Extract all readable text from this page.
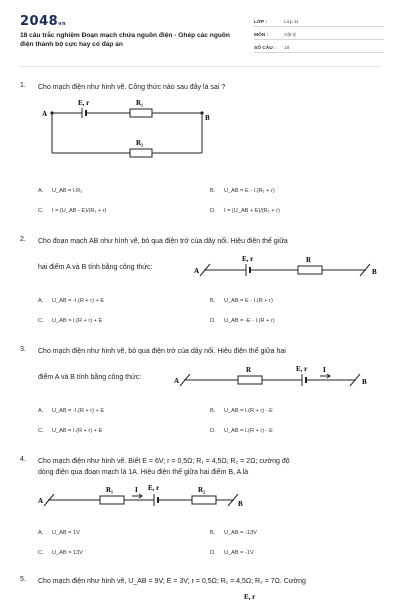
2048vn
18 câu trắc nghiệm Đoạn mạch chứa nguồn điện - Ghép các nguồn điện thành bộ cực hay có đáp án
LỚP :	Lớp 11
MÔN :	Vật lý
SỐ CÂU :	18
1.	Cho mạch điện như hình vẽ. Công thức nào sau đây là sai ?
A	B
E, r	R₁
R₂
A. U_AB = I.R₂	B. U_AB = E - I.(R₁ + r)
C. I = (U_AB - E)/(R₁ + r)	D. I = (U_AB + E)/(R₁ + r)
2.	Cho đoạn mạch AB như hình vẽ, bỏ qua điện trở của dây nối. Hiệu điện thế giữa
hai điểm A và B tính bằng công thức:	A	B
E, r	R
A. U_AB = -I.(R + r) + E	B. U_AB = E - I.(R + r)
C. U_AB = I.(R + r) + E	D. U_AB = -E - I.(R + r)
3.	Cho mạch điện như hình vẽ, bỏ qua điện trở của dây nối. Hiệu điện thế giữa hai
điểm A và B tính bằng công thức:	A	B
R	E, r I
A. U_AB = -I.(R + r) + E	B. U_AB = I.(R + r) - E
C. U_AB = I.(R + r) + E	D. U_AB = I.(R + r) - E
4.	Cho mạch điện như hình vẽ. Biết E = 6V; r = 0,5Ω; R₁ = 4,5Ω; R₂ = 2Ω; cường độ
dòng điện qua đoạn mạch là 1A. Hiệu điện thế giữa hai điểm B, A là
A	B
R₁	E, r
I	R₂
A. U_AB = 1V	B. U_AB = -13V
C. U_AB = 13V	D. U_AB = -1V
5.	Cho mạch điện như hình vẽ, U_AB = 9V; E = 3V; r = 0,5Ω; R₁ = 4,5Ω; R₂ = 7Ω. Cường
E, r
